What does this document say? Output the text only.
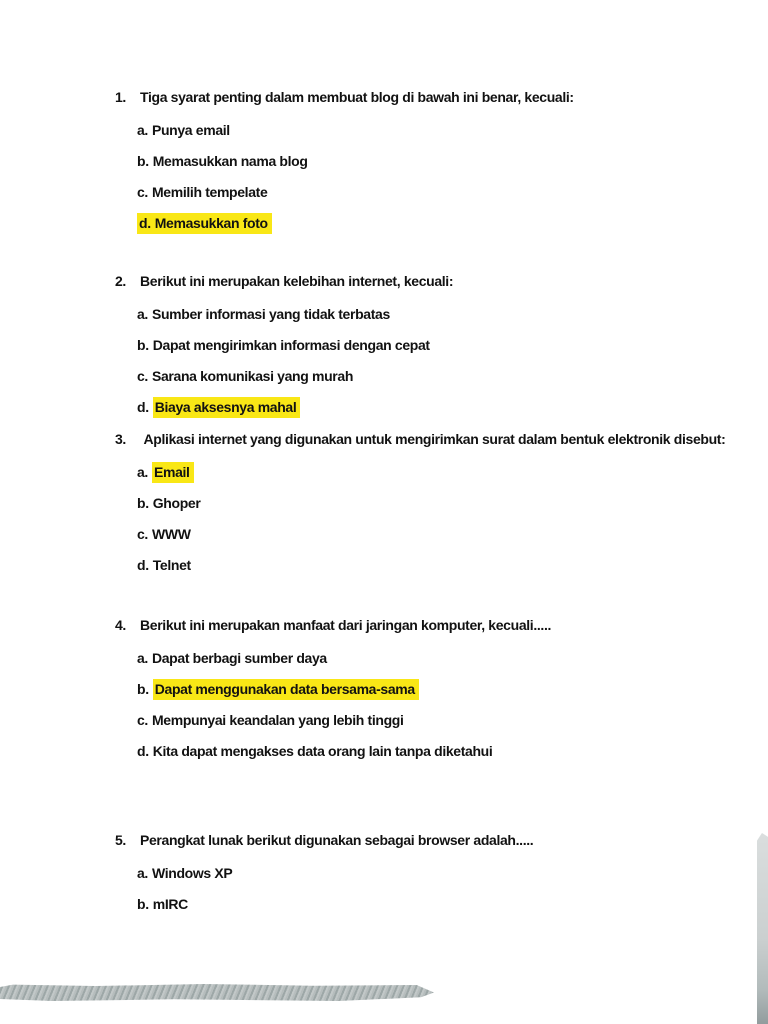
1.	Tiga syarat penting dalam membuat blog di bawah ini benar, kecuali:
a. Punya email
b. Memasukkan nama blog
c. Memilih tempelate
d. Memasukkan foto
2.	Berikut ini merupakan kelebihan internet, kecuali:
a. Sumber informasi yang tidak terbatas
b. Dapat mengirimkan informasi dengan cepat
c. Sarana komunikasi yang murah
d. Biaya aksesnya mahal
3.	Aplikasi internet yang digunakan untuk mengirimkan surat dalam bentuk elektronik disebut:
a. Email
b. Ghoper
c. WWW
d. Telnet
4.	Berikut ini merupakan manfaat dari jaringan komputer, kecuali.....
a. Dapat berbagi sumber daya
b. Dapat menggunakan data bersama-sama
c. Mempunyai keandalan yang lebih tinggi
d. Kita dapat mengakses data orang lain tanpa diketahui
5.	Perangkat lunak berikut digunakan sebagai browser adalah.....
a. Windows XP
b. mIRC
